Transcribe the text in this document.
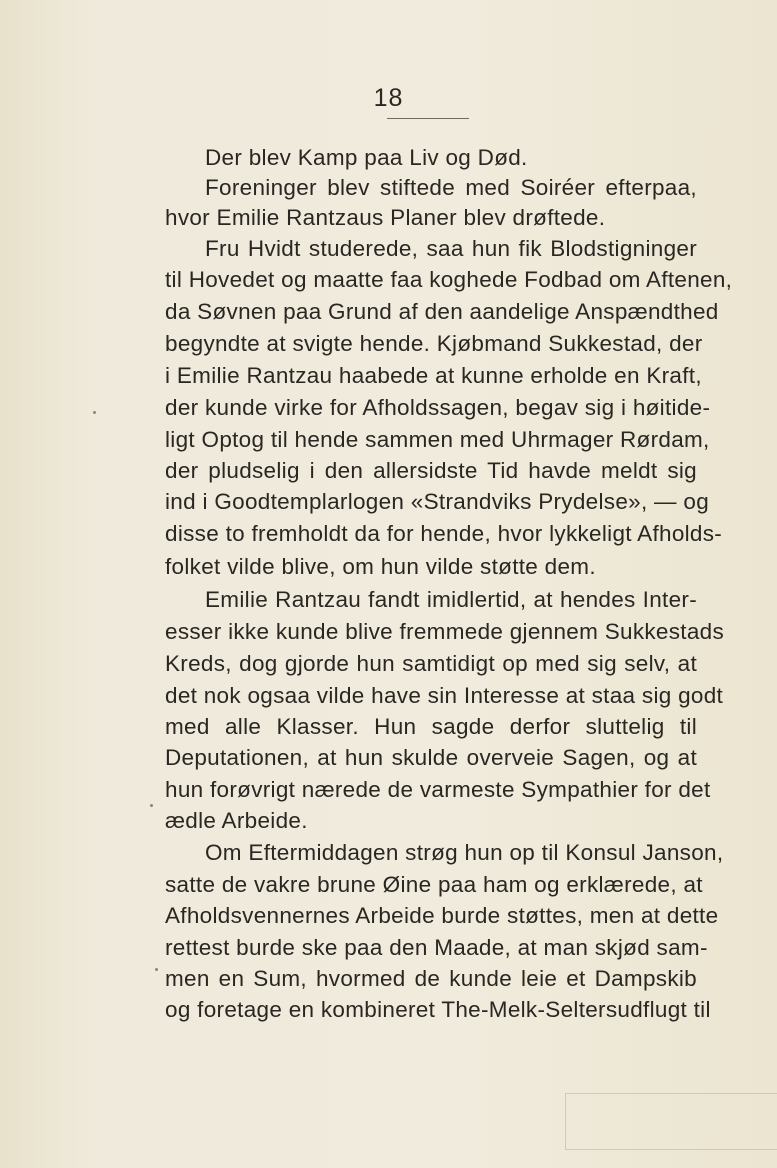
18
Der blev Kamp paa Liv og Død.
Foreninger blev stiftede med Soiréer efterpaa,
hvor Emilie Rantzaus Planer blev drøftede.
Fru Hvidt studerede, saa hun fik Blodstigninger
til Hovedet og maatte faa koghede Fodbad om Aftenen,
da Søvnen paa Grund af den aandelige Anspændthed
begyndte at svigte hende. Kjøbmand Sukkestad, der
i Emilie Rantzau haabede at kunne erholde en Kraft,
der kunde virke for Afholdssagen, begav sig i høitide-
ligt Optog til hende sammen med Uhrmager Rørdam,
der pludselig i den allersidste Tid havde meldt sig
ind i Goodtemplarlogen «Strandviks Prydelse», — og
disse to fremholdt da for hende, hvor lykkeligt Afholds-
folket vilde blive, om hun vilde støtte dem.
Emilie Rantzau fandt imidlertid, at hendes Inter-
esser ikke kunde blive fremmede gjennem Sukkestads
Kreds, dog gjorde hun samtidigt op med sig selv, at
det nok ogsaa vilde have sin Interesse at staa sig godt
med alle Klasser. Hun sagde derfor sluttelig til
Deputationen, at hun skulde overveie Sagen, og at
hun forøvrigt nærede de varmeste Sympathier for det
ædle Arbeide.
Om Eftermiddagen strøg hun op til Konsul Janson,
satte de vakre brune Øine paa ham og erklærede, at
Afholdsvennernes Arbeide burde støttes, men at dette
rettest burde ske paa den Maade, at man skjød sam-
men en Sum, hvormed de kunde leie et Dampskib
og foretage en kombineret The-Melk-Seltersudflugt til
